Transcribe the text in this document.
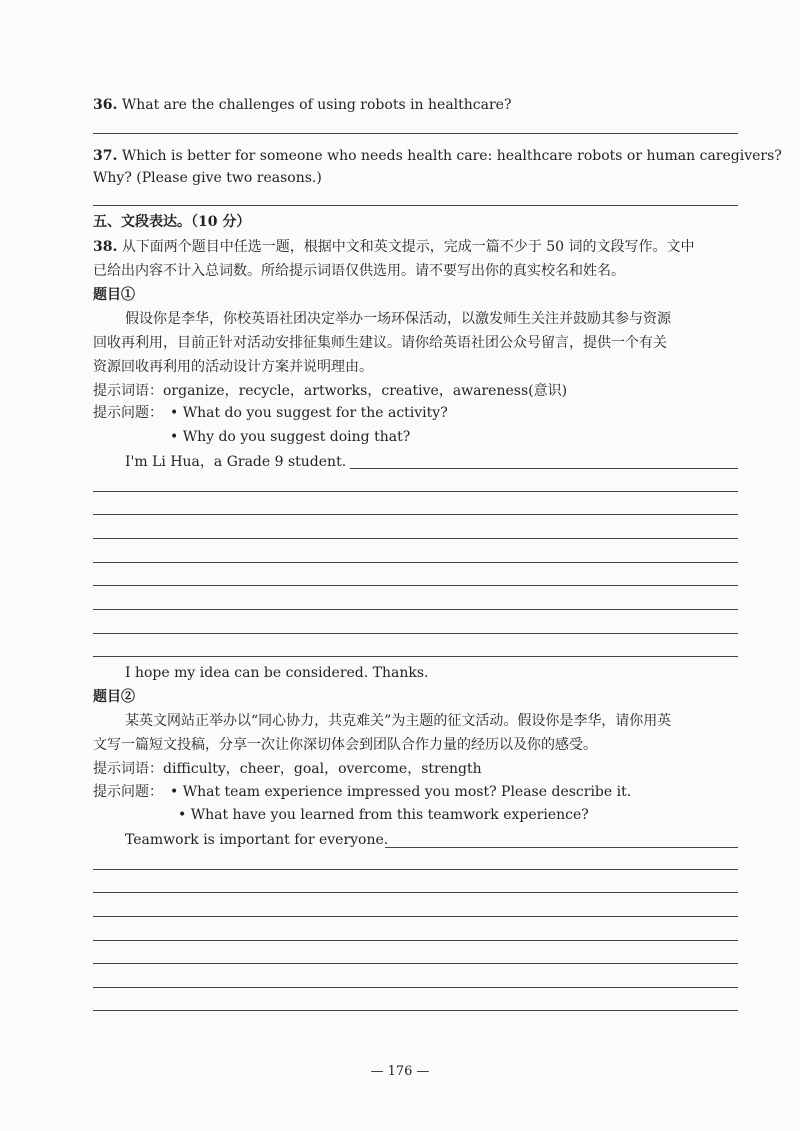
36. What are the challenges of using robots in healthcare?
37. Which is better for someone who needs health care: healthcare robots or human caregivers?
Why? (Please give two reasons.)
五、文段表达。（10 分）
38. 从下面两个题目中任选一题，根据中文和英文提示，完成一篇不少于 50 词的文段写作。文中
已给出内容不计入总词数。所给提示词语仅供选用。请不要写出你的真实校名和姓名。
题目①
假设你是李华，你校英语社团决定举办一场环保活动，以激发师生关注并鼓励其参与资源
回收再利用，目前正针对活动安排征集师生建议。请你给英语社团公众号留言，提供一个有关
资源回收再利用的活动设计方案并说明理由。
提示词语：organize，recycle，artworks，creative，awareness(意识)
提示问题： • What do you suggest for the activity?
• Why do you suggest doing that?
I'm Li Hua，a Grade 9 student.
I hope my idea can be considered. Thanks.
题目②
某英文网站正举办以“同心协力，共克难关”为主题的征文活动。假设你是李华，请你用英
文写一篇短文投稿，分享一次让你深切体会到团队合作力量的经历以及你的感受。
提示词语：difficulty，cheer，goal，overcome，strength
提示问题： • What team experience impressed you most? Please describe it.
• What have you learned from this teamwork experience?
Teamwork is important for everyone.
— 176 —
